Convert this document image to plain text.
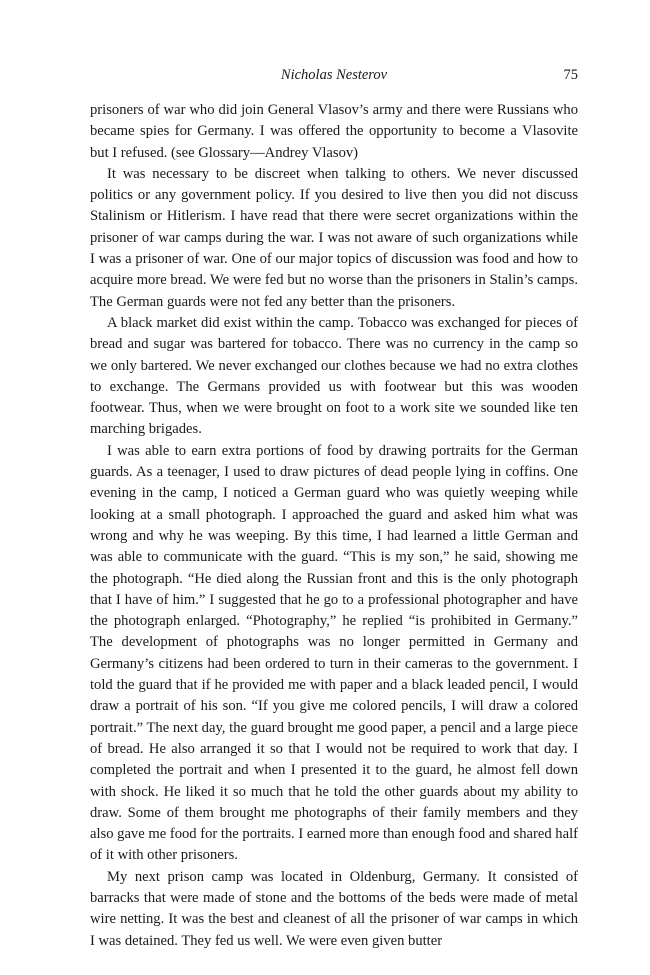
Nicholas Nesterov	75

prisoners of war who did join General Vlasov’s army and there were Russians who became spies for Germany. I was offered the opportunity to become a Vlasovite but I refused. (see Glossary—Andrey Vlasov)

It was necessary to be discreet when talking to others. We never discussed politics or any government policy. If you desired to live then you did not discuss Stalinism or Hitlerism. I have read that there were secret organizations within the prisoner of war camps during the war. I was not aware of such organizations while I was a prisoner of war. One of our major topics of discussion was food and how to acquire more bread. We were fed but no worse than the prisoners in Stalin’s camps. The German guards were not fed any better than the prisoners.

A black market did exist within the camp. Tobacco was exchanged for pieces of bread and sugar was bartered for tobacco. There was no currency in the camp so we only bartered. We never exchanged our clothes because we had no extra clothes to exchange. The Germans provided us with footwear but this was wooden footwear. Thus, when we were brought on foot to a work site we sounded like ten marching brigades.

I was able to earn extra portions of food by drawing portraits for the German guards. As a teenager, I used to draw pictures of dead people lying in coffins. One evening in the camp, I noticed a German guard who was quietly weeping while looking at a small photograph. I approached the guard and asked him what was wrong and why he was weeping. By this time, I had learned a little German and was able to communicate with the guard. “This is my son,” he said, showing me the photograph. “He died along the Russian front and this is the only photograph that I have of him.” I suggested that he go to a professional photographer and have the photograph enlarged. “Photography,” he replied “is prohibited in Germany.” The development of photographs was no longer permitted in Germany and Germany’s citizens had been ordered to turn in their cameras to the government. I told the guard that if he provided me with paper and a black leaded pencil, I would draw a portrait of his son. “If you give me colored pencils, I will draw a colored portrait.” The next day, the guard brought me good paper, a pencil and a large piece of bread. He also arranged it so that I would not be required to work that day. I completed the portrait and when I presented it to the guard, he almost fell down with shock. He liked it so much that he told the other guards about my ability to draw. Some of them brought me photographs of their family members and they also gave me food for the portraits. I earned more than enough food and shared half of it with other prisoners.

My next prison camp was located in Oldenburg, Germany. It consisted of barracks that were made of stone and the bottoms of the beds were made of metal wire netting. It was the best and cleanest of all the prisoner of war camps in which I was detained. They fed us well. We were even given butter
